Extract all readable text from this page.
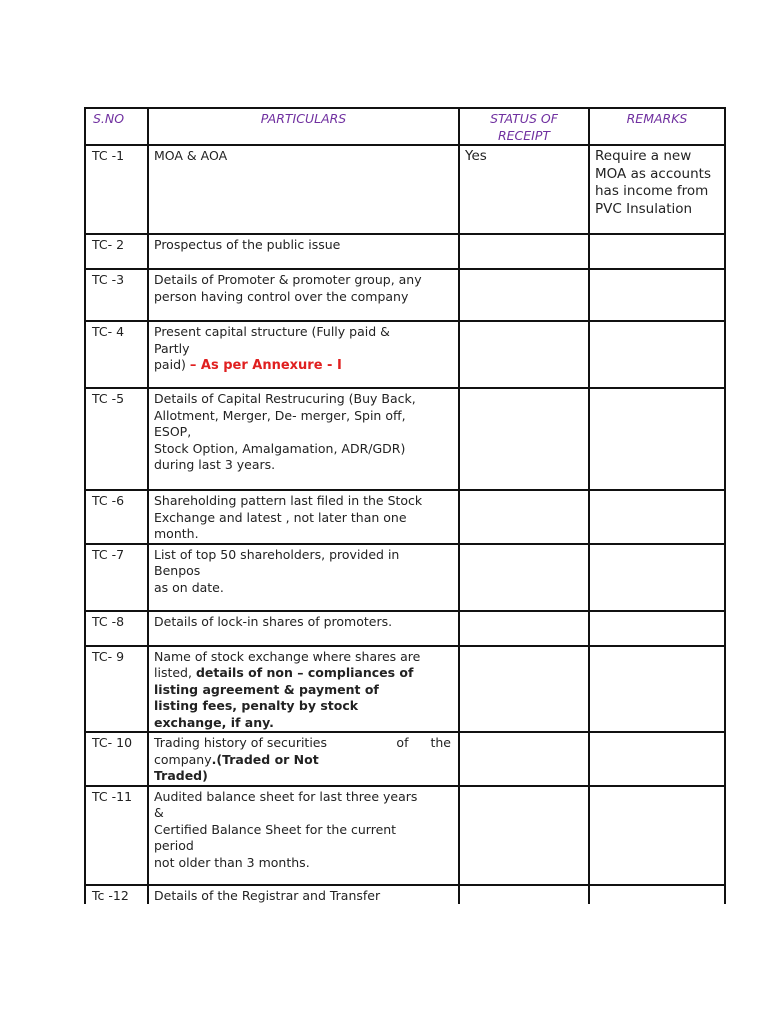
S.NO	PARTICULARS	STATUS OF RECEIPT	REMARKS
TC -1	MOA & AOA	Yes	Require a new MOA as accounts has income from PVC Insulation
TC- 2	Prospectus of the public issue		

TC -3	Details of Promoter & promoter group, any
person having control over the company		

TC- 4	Present capital structure (Fully paid &
Partly
paid) – As per Annexure - I		

TC -5	Details of Capital Restrucuring (Buy Back,
Allotment, Merger, De- merger, Spin off,
ESOP,
Stock Option, Amalgamation, ADR/GDR)
during last 3 years.		

TC -6	Shareholding pattern last filed in the Stock
Exchange and latest , not later than one
month.		

TC -7	List of top 50 shareholders, provided in
Benpos
as on date.		

TC -8	Details of lock-in shares of promoters.		

TC- 9	Name of stock exchange where shares are
listed, details of non – compliances of
listing agreement & payment of
listing fees, penalty by stock
exchange, if any.		

TC- 10	Trading history of securities of the
company.(Traded or Not
Traded)		

TC -11	Audited balance sheet for last three years
&
Certified Balance Sheet for the current
period
not older than 3 months.		

Tc -12	Details of the Registrar and Transfer		
